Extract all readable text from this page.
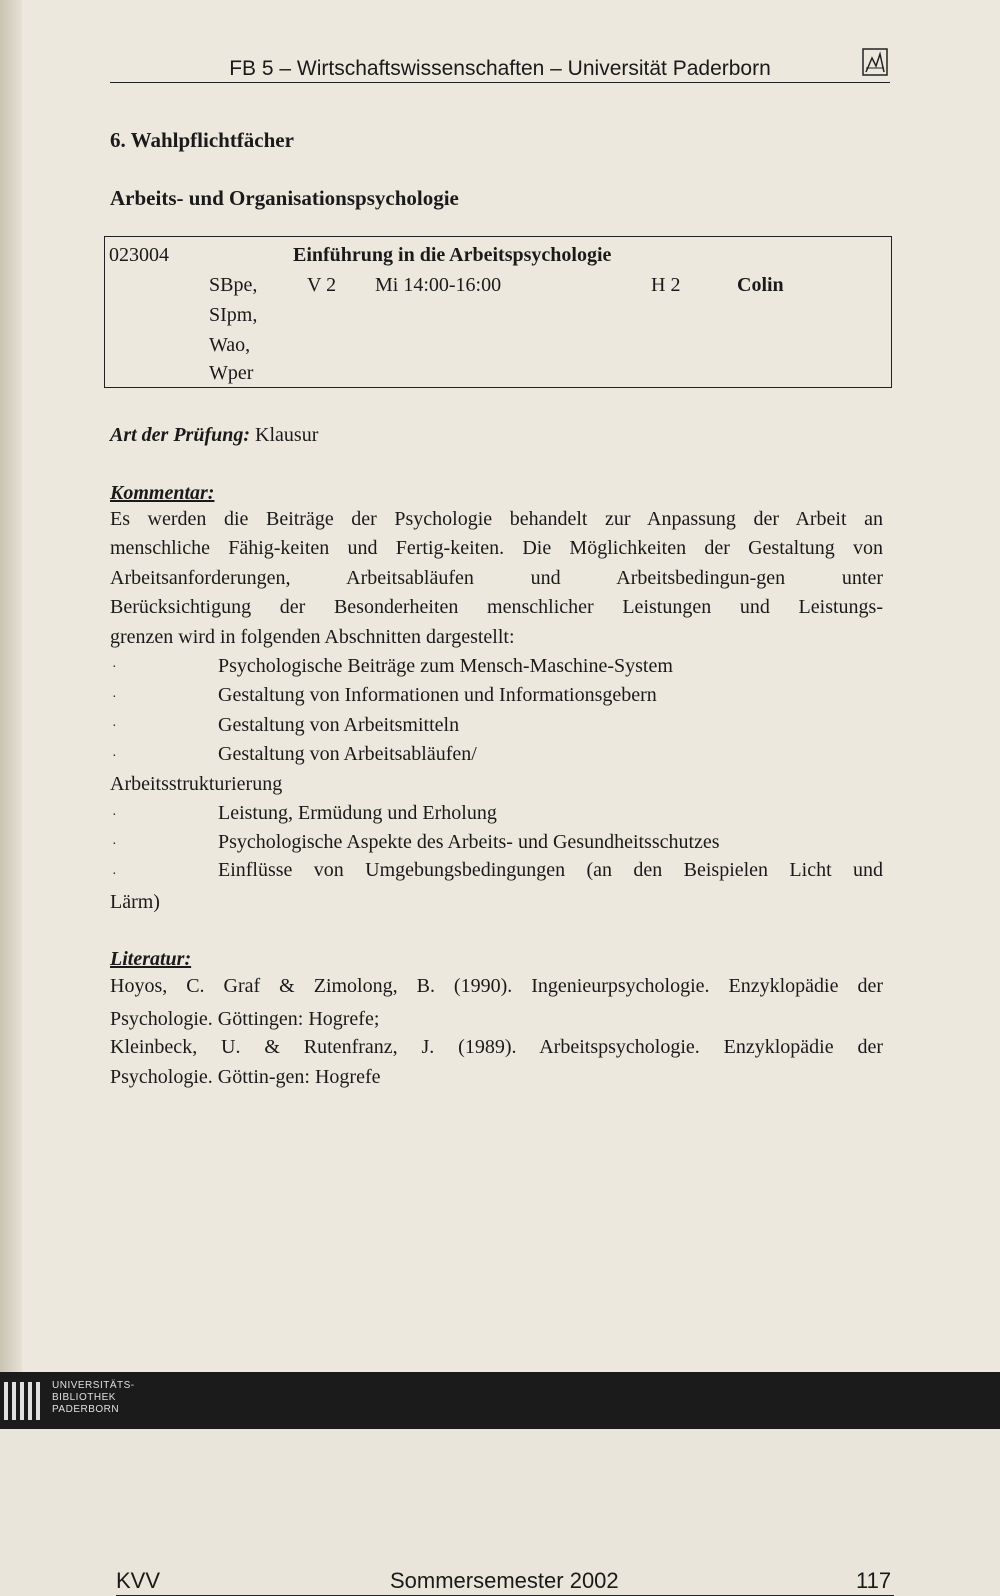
FB 5 – Wirtschaftswissenschaften – Universität Paderborn
6. Wahlpflichtfächer
Arbeits- und Organisationspsychologie
023004	Einführung in die Arbeitspsychologie
SBpe,
SIpm,
Wao,
Wper
V 2 Mi 14:00-16:00	H 2	Colin
Art der Prüfung: Klausur
Kommentar:
Es werden die Beiträge der Psychologie behandelt zur Anpassung der Arbeit an
menschliche Fähig-keiten und Fertig-keiten. Die Möglichkeiten der Gestaltung von
Arbeitsanforderungen, Arbeitsabläufen und Arbeitsbedingun-gen unter
Berücksichtigung der Besonderheiten menschlicher Leistungen und Leistungs-
grenzen wird in folgenden Abschnitten dargestellt:
·	Psychologische Beiträge zum Mensch-Maschine-System
·	Gestaltung von Informationen und Informationsgebern
·	Gestaltung von Arbeitsmitteln
·	Gestaltung von Arbeitsabläufen/
Arbeitsstrukturierung
·	Leistung, Ermüdung und Erholung
·	Psychologische Aspekte des Arbeits- und Gesundheitsschutzes
·	Einflüsse von Umgebungsbedingungen (an den Beispielen Licht und
Lärm)
Literatur:
Hoyos, C. Graf & Zimolong, B. (1990). Ingenieurpsychologie. Enzyklopädie der
Psychologie. Göttingen: Hogrefe;
Kleinbeck, U. & Rutenfranz, J. (1989). Arbeitspsychologie. Enzyklopädie der
Psychologie. Göttin-gen: Hogrefe
KVV	Sommersemester 2002	117
UNIVERSITÄTS-
BIBLIOTHEK
PADERBORN
